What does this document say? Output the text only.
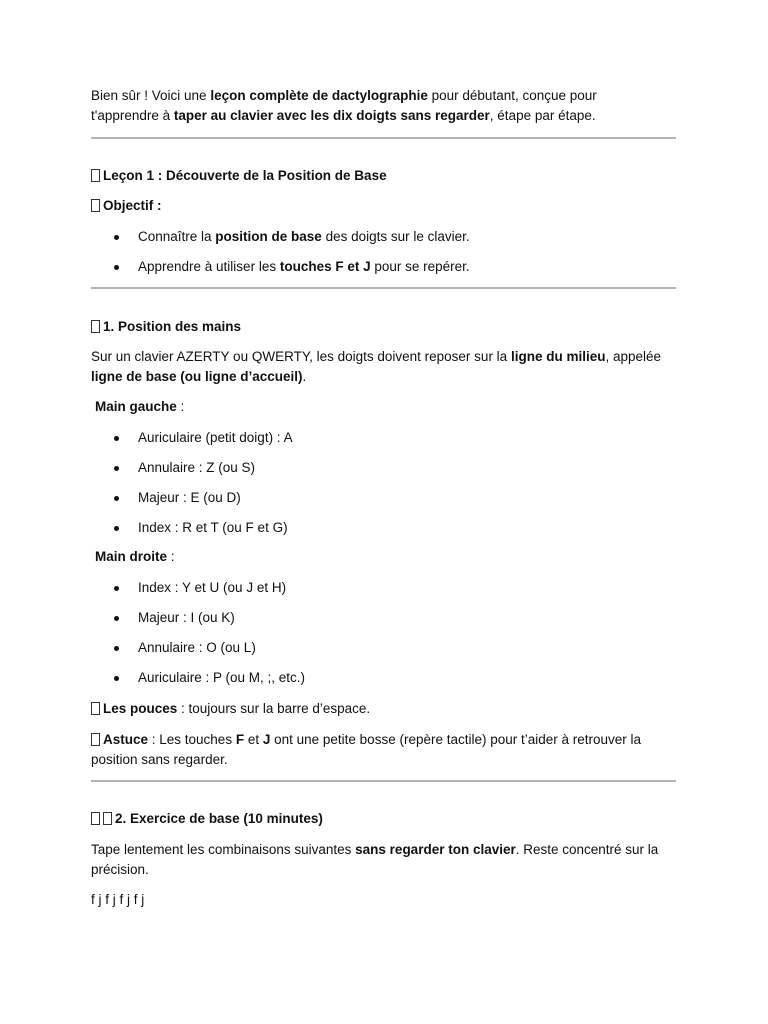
Bien sûr ! Voici une leçon complète de dactylographie pour débutant, conçue pour
t'apprendre à taper au clavier avec les dix doigts sans regarder, étape par étape.
Leçon 1 : Découverte de la Position de Base
Objectif :
Connaître la position de base des doigts sur le clavier.
Apprendre à utiliser les touches F et J pour se repérer.
1. Position des mains
Sur un clavier AZERTY ou QWERTY, les doigts doivent reposer sur la ligne du milieu, appelée
ligne de base (ou ligne d’accueil).
Main gauche :
Auriculaire (petit doigt) : A
Annulaire : Z (ou S)
Majeur : E (ou D)
Index : R et T (ou F et G)
Main droite :
Index : Y et U (ou J et H)
Majeur : I (ou K)
Annulaire : O (ou L)
Auriculaire : P (ou M, ;, etc.)
Les pouces : toujours sur la barre d’espace.
Astuce : Les touches F et J ont une petite bosse (repère tactile) pour t’aider à retrouver la
position sans regarder.
2. Exercice de base (10 minutes)
Tape lentement les combinaisons suivantes sans regarder ton clavier. Reste concentré sur la
précision.
f j f j f j f j
